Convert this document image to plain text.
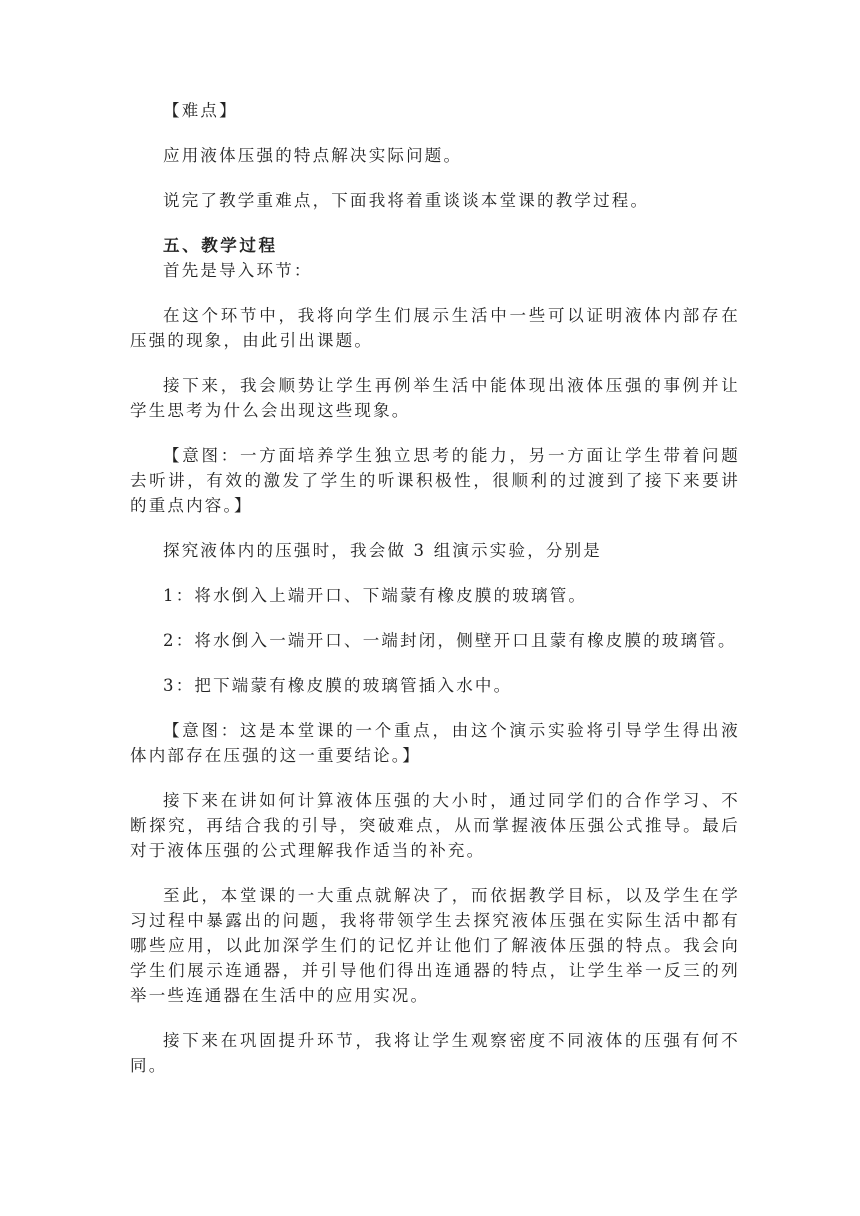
【难点】

应用液体压强的特点解决实际问题。

说完了教学重难点，下面我将着重谈谈本堂课的教学过程。

五、教学过程

首先是导入环节：

在这个环节中，我将向学生们展示生活中一些可以证明液体内部存在压强的现象，由此引出课题。

接下来，我会顺势让学生再例举生活中能体现出液体压强的事例并让学生思考为什么会出现这些现象。

【意图：一方面培养学生独立思考的能力，另一方面让学生带着问题去听讲，有效的激发了学生的听课积极性，很顺利的过渡到了接下来要讲的重点内容。】

探究液体内的压强时，我会做 3 组演示实验，分别是

1：将水倒入上端开口、下端蒙有橡皮膜的玻璃管。

2：将水倒入一端开口、一端封闭，侧壁开口且蒙有橡皮膜的玻璃管。

3：把下端蒙有橡皮膜的玻璃管插入水中。

【意图：这是本堂课的一个重点，由这个演示实验将引导学生得出液体内部存在压强的这一重要结论。】

接下来在讲如何计算液体压强的大小时，通过同学们的合作学习、不断探究，再结合我的引导，突破难点，从而掌握液体压强公式推导。最后对于液体压强的公式理解我作适当的补充。

至此，本堂课的一大重点就解决了，而依据教学目标，以及学生在学习过程中暴露出的问题，我将带领学生去探究液体压强在实际生活中都有哪些应用，以此加深学生们的记忆并让他们了解液体压强的特点。我会向学生们展示连通器，并引导他们得出连通器的特点，让学生举一反三的列举一些连通器在生活中的应用实况。

接下来在巩固提升环节，我将让学生观察密度不同液体的压强有何不同。
